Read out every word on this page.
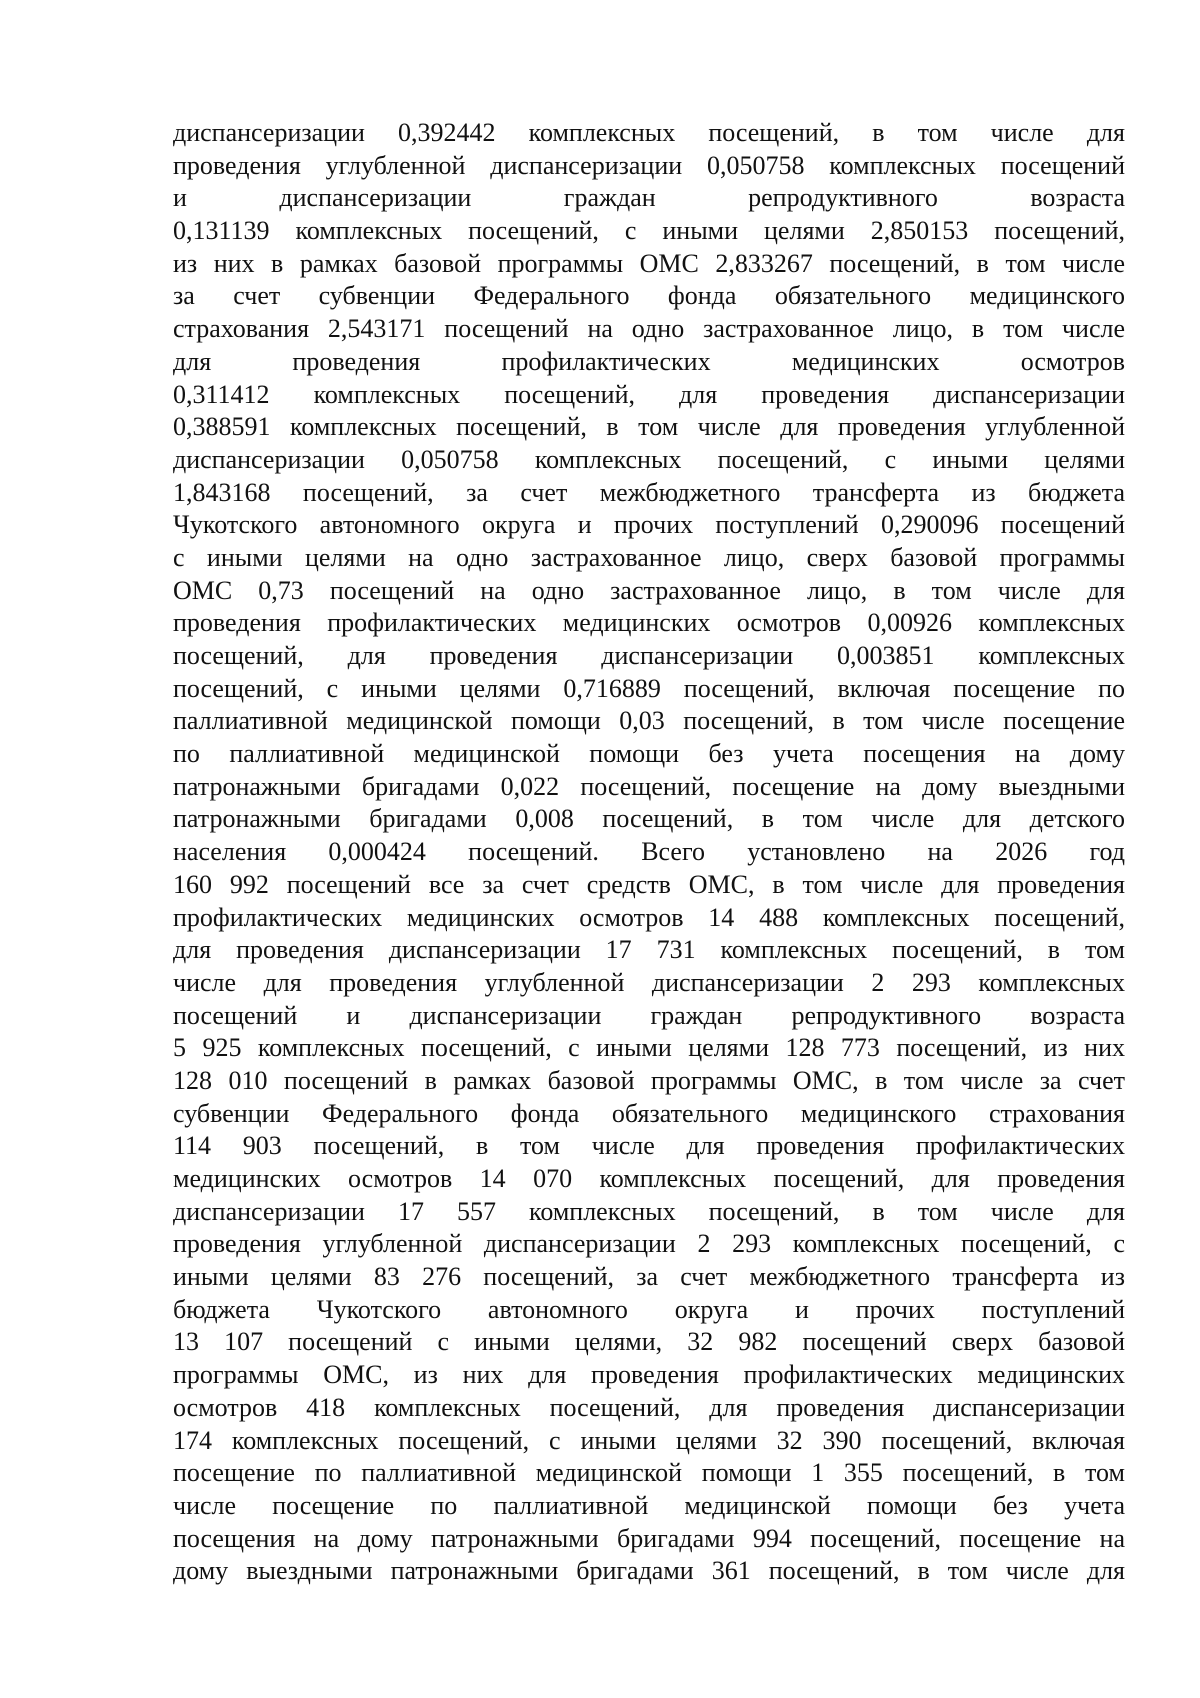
диспансеризации 0,392442 комплексных посещений, в том числе для
проведения углубленной диспансеризации 0,050758 комплексных посещений
и диспансеризации граждан репродуктивного возраста
0,131139 комплексных посещений, с иными целями 2,850153 посещений,
из них в рамках базовой программы ОМС 2,833267 посещений, в том числе
за счет субвенции Федерального фонда обязательного медицинского
страхования 2,543171 посещений на одно застрахованное лицо, в том числе
для проведения профилактических медицинских осмотров
0,311412 комплексных посещений, для проведения диспансеризации
0,388591 комплексных посещений, в том числе для проведения углубленной
диспансеризации 0,050758 комплексных посещений, с иными целями
1,843168 посещений, за счет межбюджетного трансферта из бюджета
Чукотского автономного округа и прочих поступлений 0,290096 посещений
с иными целями на одно застрахованное лицо, сверх базовой программы
ОМС 0,73 посещений на одно застрахованное лицо, в том числе для
проведения профилактических медицинских осмотров 0,00926 комплексных
посещений, для проведения диспансеризации 0,003851 комплексных
посещений, с иными целями 0,716889 посещений, включая посещение по
паллиативной медицинской помощи 0,03 посещений, в том числе посещение
по паллиативной медицинской помощи без учета посещения на дому
патронажными бригадами 0,022 посещений, посещение на дому выездными
патронажными бригадами 0,008 посещений, в том числе для детского
населения 0,000424 посещений. Всего установлено на 2026 год
160 992 посещений все за счет средств ОМС, в том числе для проведения
профилактических медицинских осмотров 14 488 комплексных посещений,
для проведения диспансеризации 17 731 комплексных посещений, в том
числе для проведения углубленной диспансеризации 2 293 комплексных
посещений и диспансеризации граждан репродуктивного возраста
5 925 комплексных посещений, с иными целями 128 773 посещений, из них
128 010 посещений в рамках базовой программы ОМС, в том числе за счет
субвенции Федерального фонда обязательного медицинского страхования
114 903 посещений, в том числе для проведения профилактических
медицинских осмотров 14 070 комплексных посещений, для проведения
диспансеризации 17 557 комплексных посещений, в том числе для
проведения углубленной диспансеризации 2 293 комплексных посещений, с
иными целями 83 276 посещений, за счет межбюджетного трансферта из
бюджета Чукотского автономного округа и прочих поступлений
13 107 посещений с иными целями, 32 982 посещений сверх базовой
программы ОМС, из них для проведения профилактических медицинских
осмотров 418 комплексных посещений, для проведения диспансеризации
174 комплексных посещений, с иными целями 32 390 посещений, включая
посещение по паллиативной медицинской помощи 1 355 посещений, в том
числе посещение по паллиативной медицинской помощи без учета
посещения на дому патронажными бригадами 994 посещений, посещение на
дому выездными патронажными бригадами 361 посещений, в том числе для
